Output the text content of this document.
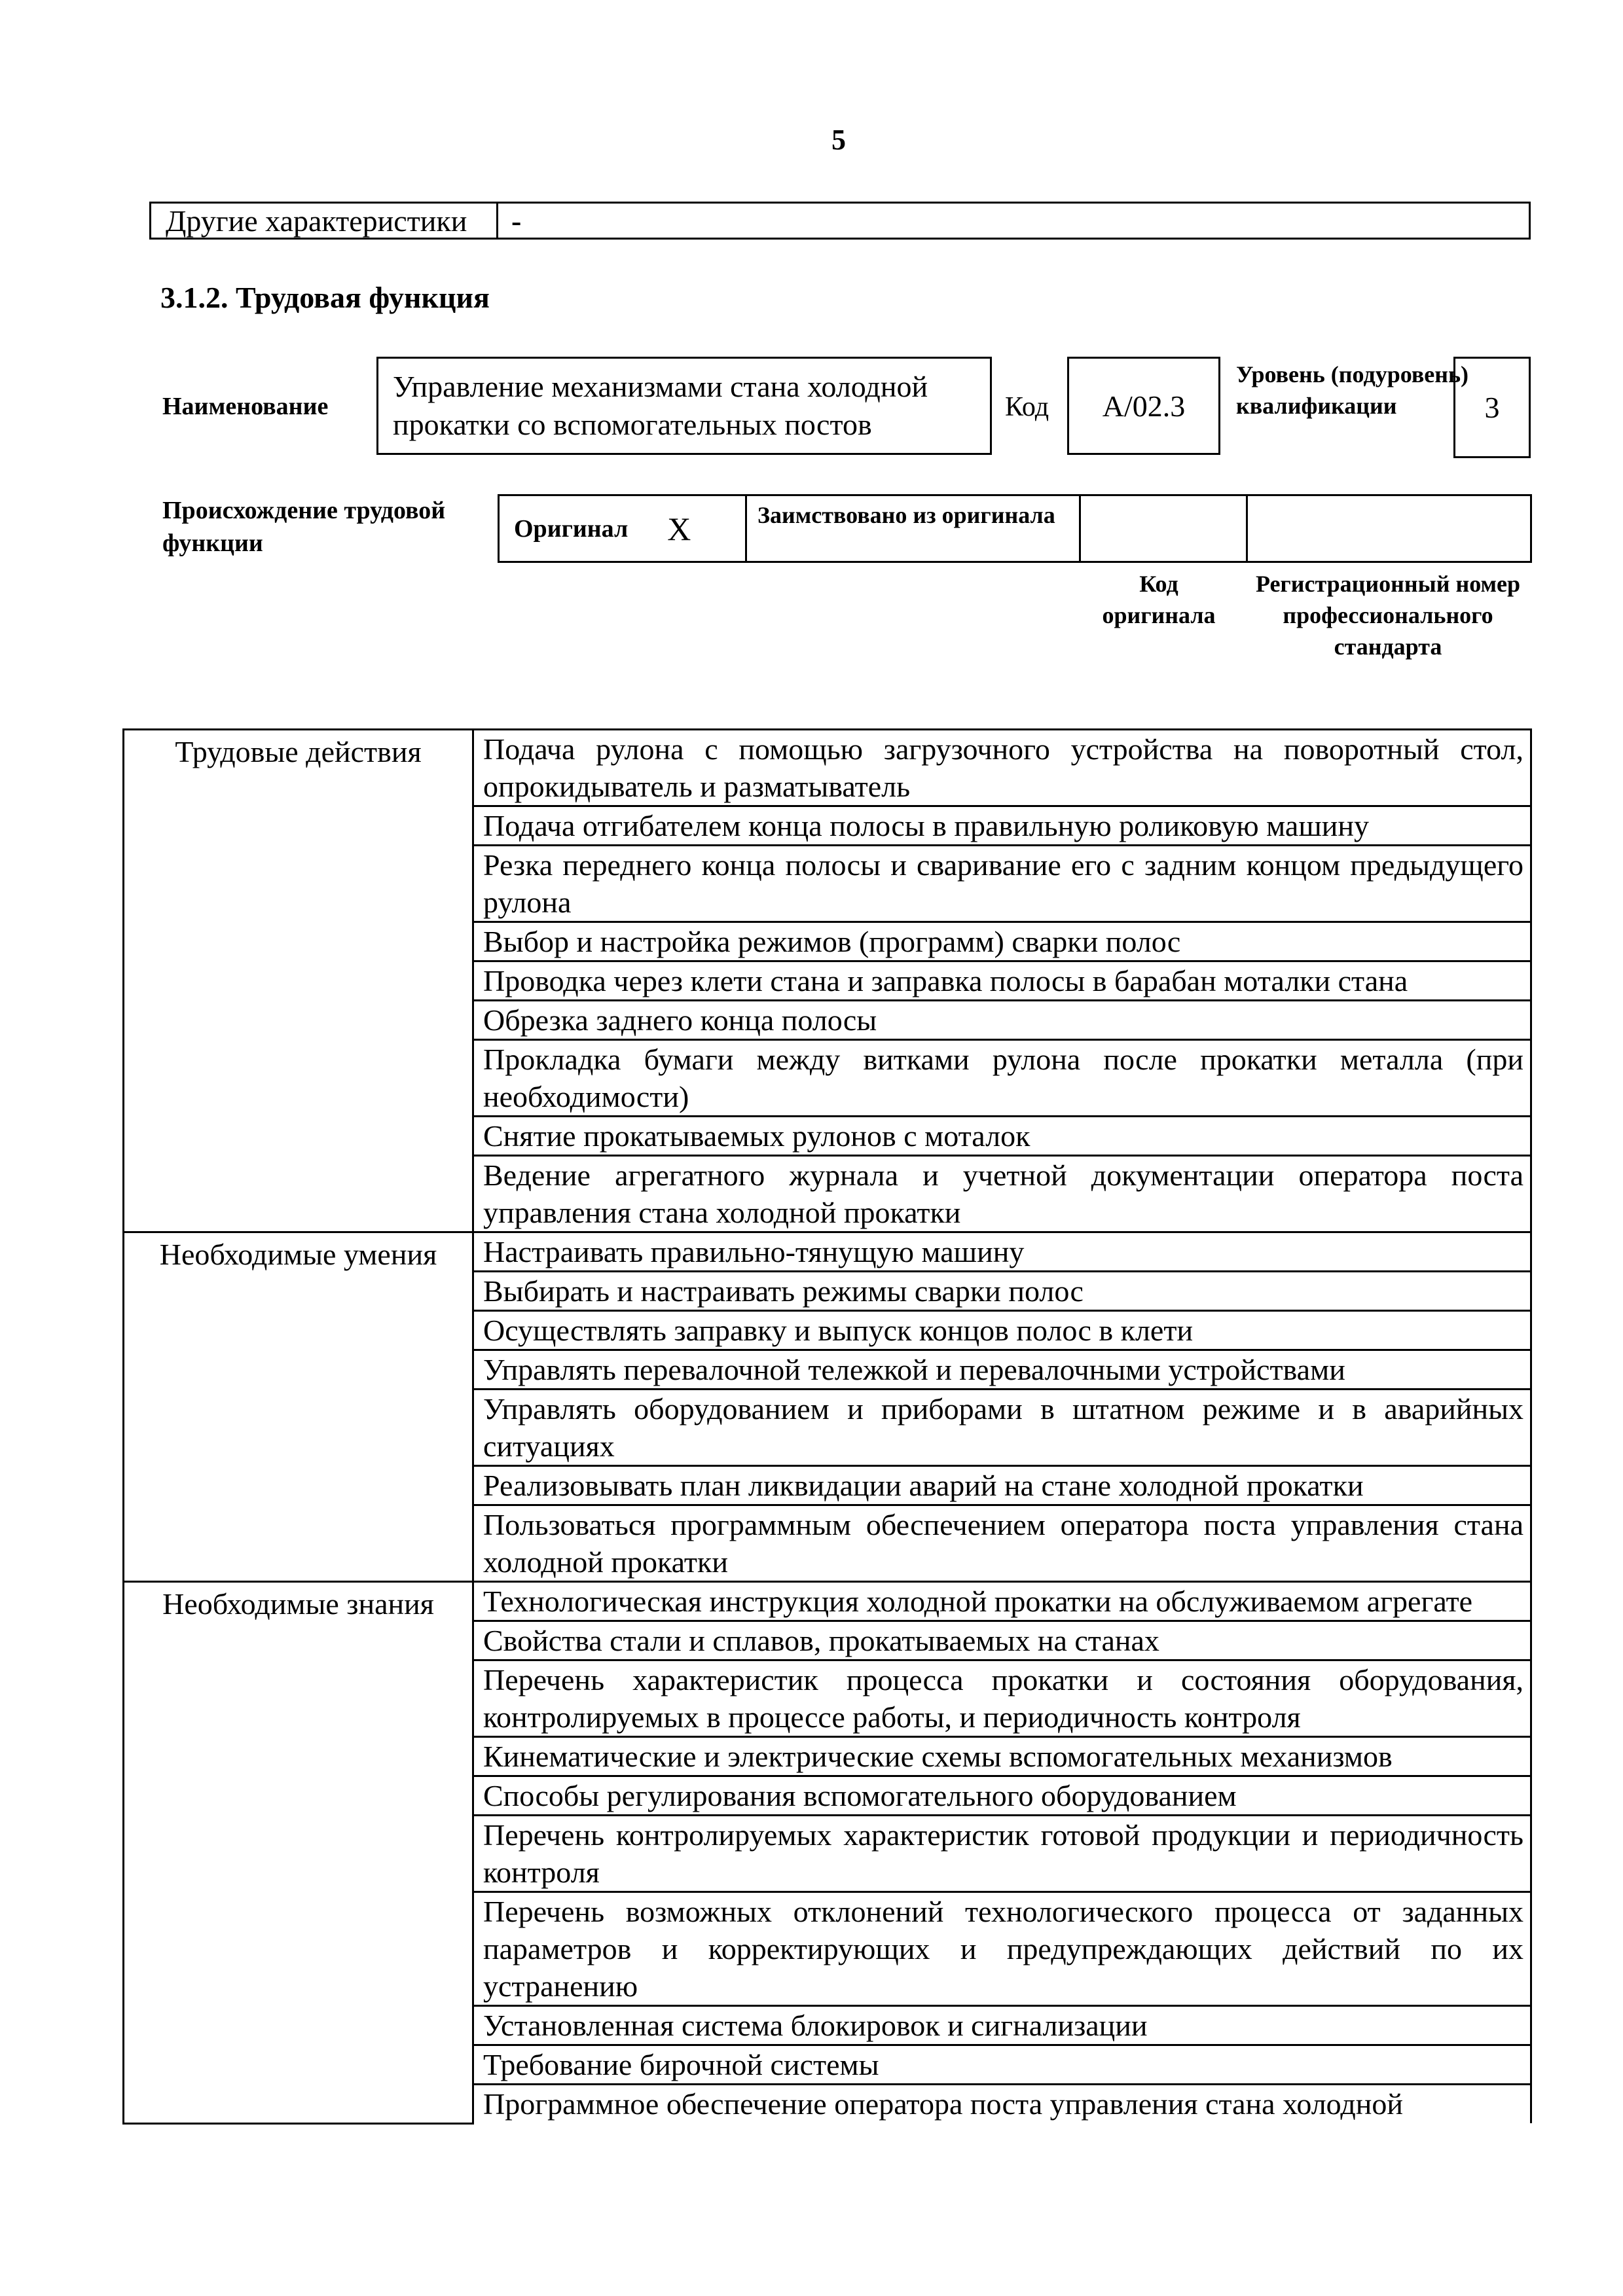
5
Другие характеристики	-
3.1.2. Трудовая функция
Наименование
Управление механизмами стана холодной прокатки со вспомогательных постов
Код	A/02.3
Уровень (подуровень) квалификации	3
Происхождение трудовой функции
Оригинал X	Заимствовано из оригинала
Код оригинала
Регистрационный номер профессионального стандарта
Трудовые действия	Подача рулона с помощью загрузочного устройства на поворотный стол, опрокидыватель и разматыватель
	Подача отгибателем конца полосы в правильную роликовую машину
	Резка переднего конца полосы и сваривание его с задним концом предыдущего рулона
	Выбор и настройка режимов (программ) сварки полос
	Проводка через клети стана и заправка полосы в барабан моталки стана
	Обрезка заднего конца полосы
	Прокладка бумаги между витками рулона после прокатки металла (при необходимости)
	Снятие прокатываемых рулонов с моталок
	Ведение агрегатного журнала и учетной документации оператора поста управления стана холодной прокатки
Необходимые умения	Настраивать правильно-тянущую машину
	Выбирать и настраивать режимы сварки полос
	Осуществлять заправку и выпуск концов полос в клети
	Управлять перевалочной тележкой и перевалочными устройствами
	Управлять оборудованием и приборами в штатном режиме и в аварийных ситуациях
	Реализовывать план ликвидации аварий на стане холодной прокатки
	Пользоваться программным обеспечением оператора поста управления стана холодной прокатки
Необходимые знания	Технологическая инструкция холодной прокатки на обслуживаемом агрегате
	Свойства стали и сплавов, прокатываемых на станах
	Перечень характеристик процесса прокатки и состояния оборудования, контролируемых в процессе работы, и периодичность контроля
	Кинематические и электрические схемы вспомогательных механизмов
	Способы регулирования вспомогательного оборудованием
	Перечень контролируемых характеристик готовой продукции и периодичность контроля
	Перечень возможных отклонений технологического процесса от заданных параметров и корректирующих и предупреждающих действий по их устранению
	Установленная система блокировок и сигнализации
	Требование бирочной системы
	Программное обеспечение оператора поста управления стана холодной
